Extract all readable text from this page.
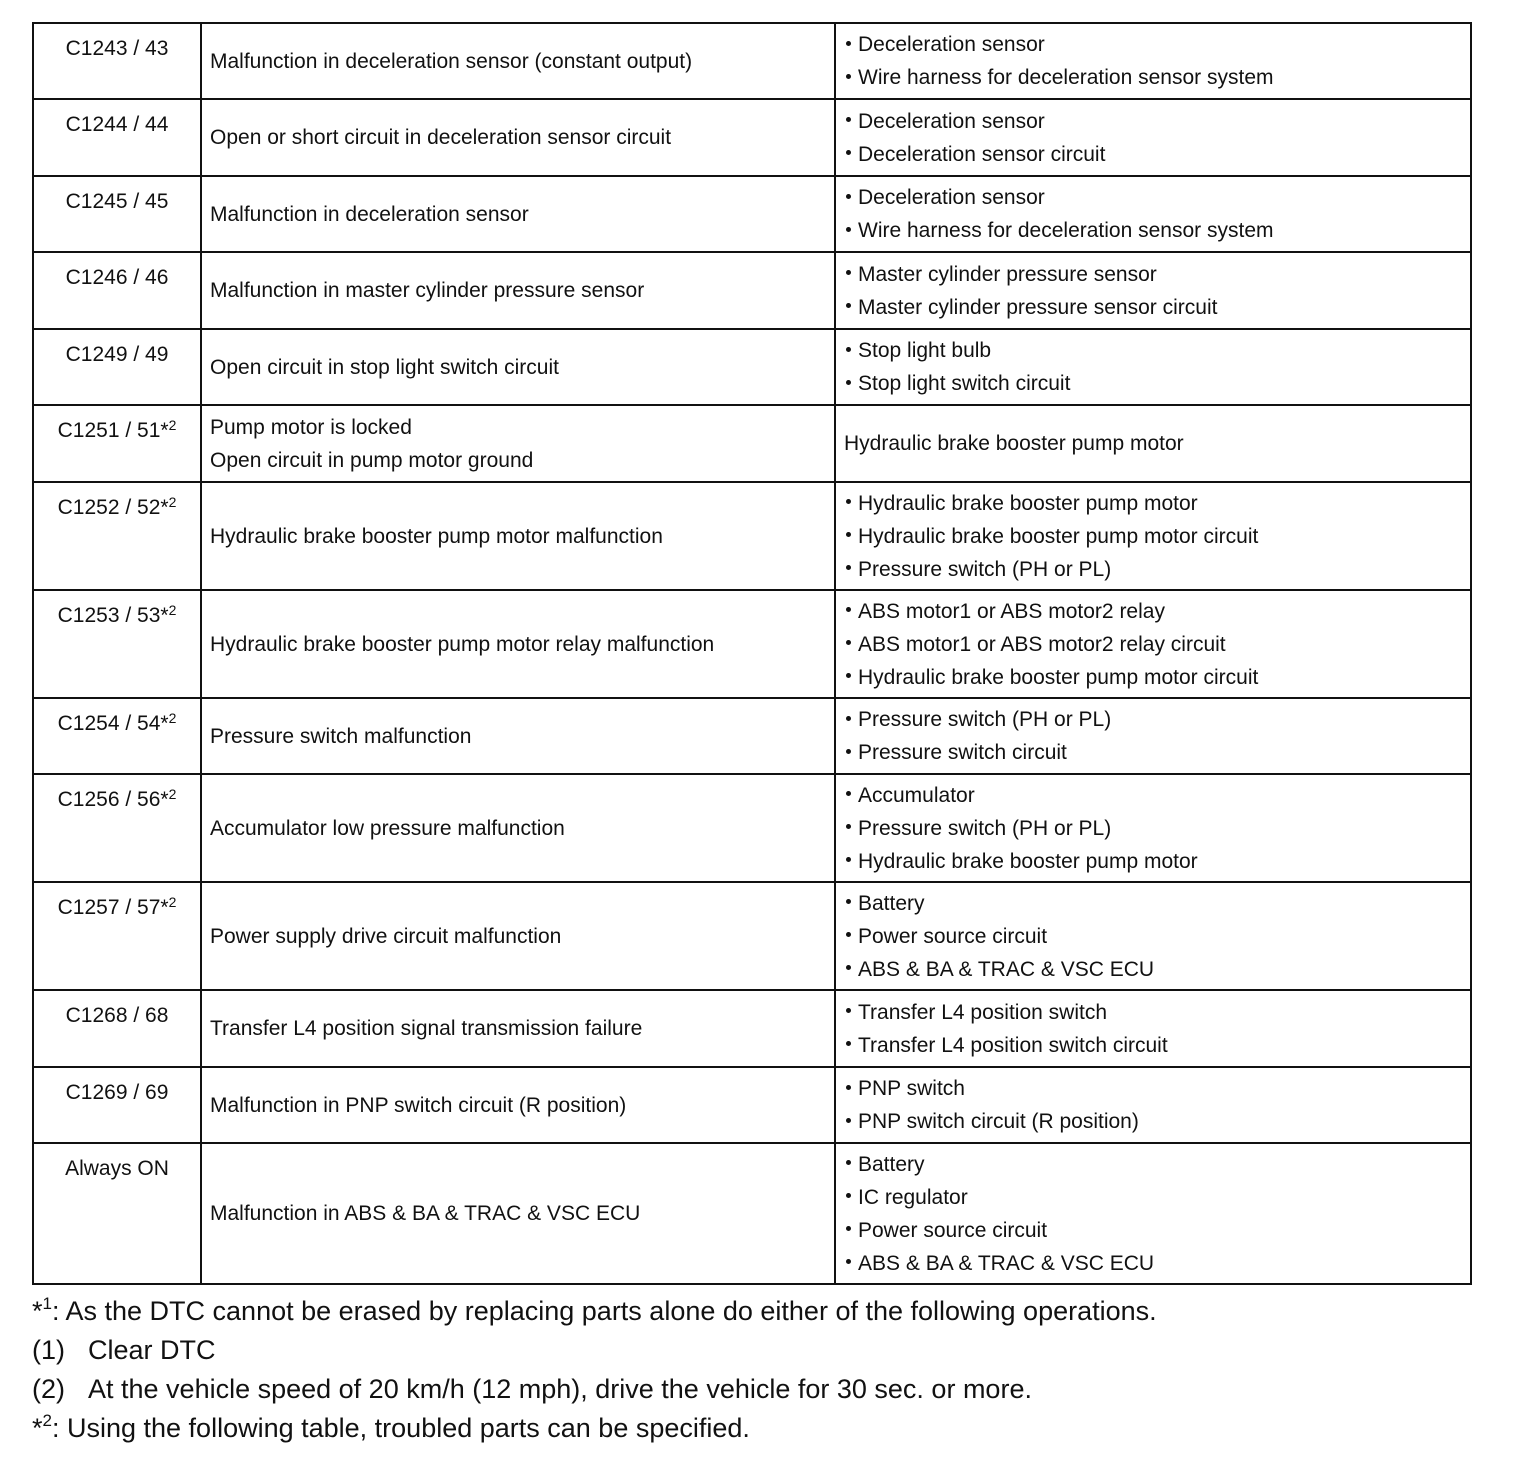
C1243 / 43	Malfunction in deceleration sensor (constant output)	Deceleration sensor
Wire harness for deceleration sensor system

C1244 / 44	Open or short circuit in deceleration sensor circuit	Deceleration sensor
Deceleration sensor circuit

C1245 / 45	Malfunction in deceleration sensor	Deceleration sensor
Wire harness for deceleration sensor system

C1246 / 46	Malfunction in master cylinder pressure sensor	Master cylinder pressure sensor
Master cylinder pressure sensor circuit

C1249 / 49	Open circuit in stop light switch circuit	Stop light bulb
Stop light switch circuit

C1251 / 51*$^2$	Pump motor is locked
Open circuit in pump motor ground	Hydraulic brake booster pump motor

C1252 / 52*$^2$	Hydraulic brake booster pump motor malfunction	Hydraulic brake booster pump motor
Hydraulic brake booster pump motor circuit
Pressure switch (PH or PL)

C1253 / 53*$^2$	Hydraulic brake booster pump motor relay malfunction	ABS motor1 or ABS motor2 relay
ABS motor1 or ABS motor2 relay circuit
Hydraulic brake booster pump motor circuit

C1254 / 54*$^2$	Pressure switch malfunction	Pressure switch (PH or PL)
Pressure switch circuit

C1256 / 56*$^2$	Accumulator low pressure malfunction	Accumulator
Pressure switch (PH or PL)
Hydraulic brake booster pump motor

C1257 / 57*$^2$	Power supply drive circuit malfunction	Battery
Power source circuit
ABS & BA & TRAC & VSC ECU

C1268 / 68	Transfer L4 position signal transmission failure	Transfer L4 position switch
Transfer L4 position switch circuit

C1269 / 69	Malfunction in PNP switch circuit (R position)	PNP switch
PNP switch circuit (R position)

Always ON	Malfunction in ABS & BA & TRAC & VSC ECU	Battery
IC regulator
Power source circuit
ABS & BA & TRAC & VSC ECU
*$^1$: As the DTC cannot be erased by replacing parts alone do either of the following operations.
(1) Clear DTC
(2) At the vehicle speed of 20 km/h (12 mph), drive the vehicle for 30 sec. or more.
*$^2$: Using the following table, troubled parts can be specified.
